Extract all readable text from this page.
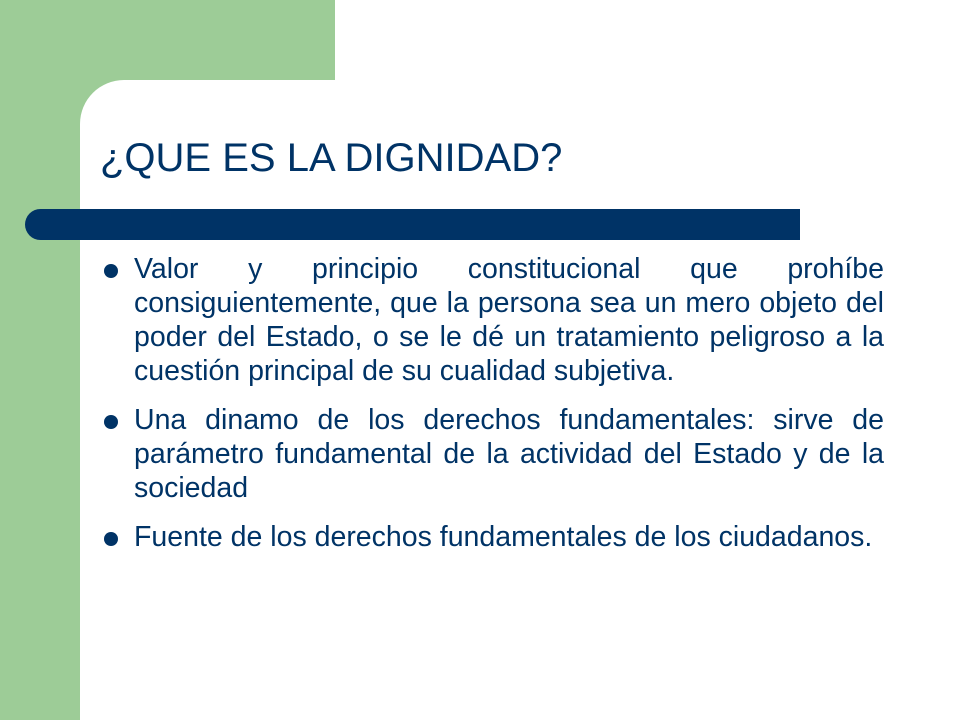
¿QUE ES LA DIGNIDAD?
Valor y principio constitucional que prohíbe consiguientemente, que la persona sea un mero objeto del poder del Estado, o se le dé un tratamiento peligroso a la cuestión principal de su cualidad subjetiva.
Una dinamo de los derechos fundamentales: sirve de parámetro fundamental de la actividad del Estado y de la sociedad
Fuente de los derechos fundamentales de los ciudadanos.
